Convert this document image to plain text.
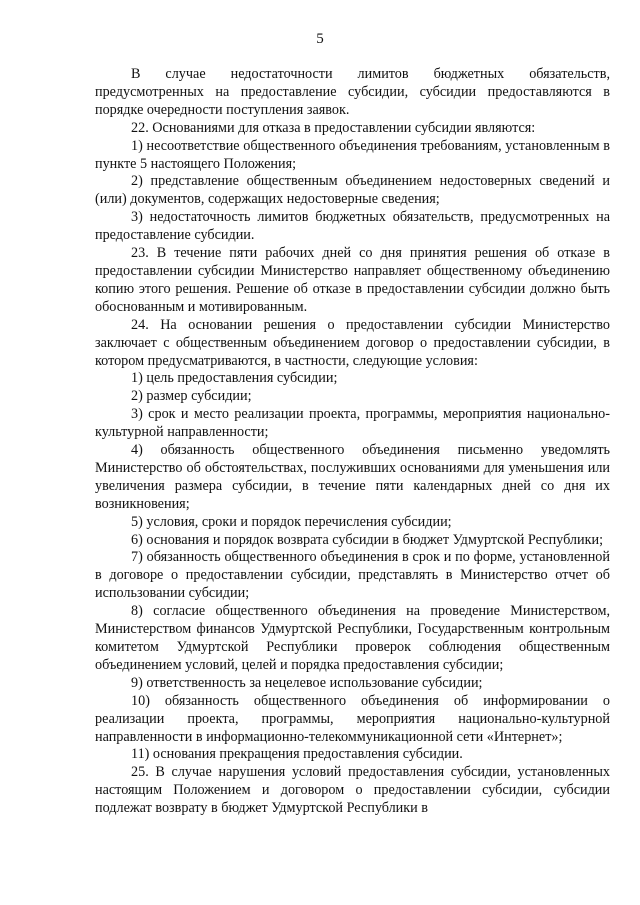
5

В случае недостаточности лимитов бюджетных обязательств, предусмотренных на предоставление субсидии, субсидии предоставляются в порядке очередности поступления заявок.

22. Основаниями для отказа в предоставлении субсидии являются:

1) несоответствие общественного объединения требованиям, установленным в пункте 5 настоящего Положения;

2) представление общественным объединением недостоверных сведений и (или) документов, содержащих недостоверные сведения;

3) недостаточность лимитов бюджетных обязательств, предусмотренных на предоставление субсидии.

23. В течение пяти рабочих дней со дня принятия решения об отказе в предоставлении субсидии Министерство направляет общественному объединению копию этого решения. Решение об отказе в предоставлении субсидии должно быть обоснованным и мотивированным.

24. На основании решения о предоставлении субсидии Министерство заключает с общественным объединением договор о предоставлении субсидии, в котором предусматриваются, в частности, следующие условия:

1) цель предоставления субсидии;

2) размер субсидии;

3) срок и место реализации проекта, программы, мероприятия национально-культурной направленности;

4) обязанность общественного объединения письменно уведомлять Министерство об обстоятельствах, послуживших основаниями для уменьшения или увеличения размера субсидии, в течение пяти календарных дней со дня их возникновения;

5) условия, сроки и порядок перечисления субсидии;

6) основания и порядок возврата субсидии в бюджет Удмуртской Республики;

7) обязанность общественного объединения в срок и по форме, установленной в договоре о предоставлении субсидии, представлять в Министерство отчет об использовании субсидии;

8) согласие общественного объединения на проведение Министерством, Министерством финансов Удмуртской Республики, Государственным контрольным комитетом Удмуртской Республики проверок соблюдения общественным объединением условий, целей и порядка предоставления субсидии;

9) ответственность за нецелевое использование субсидии;

10) обязанность общественного объединения об информировании о реализации проекта, программы, мероприятия национально-культурной направленности в информационно-телекоммуникационной сети «Интернет»;

11) основания прекращения предоставления субсидии.

25. В случае нарушения условий предоставления субсидии, установленных настоящим Положением и договором о предоставлении субсидии, субсидии подлежат возврату в бюджет Удмуртской Республики в
